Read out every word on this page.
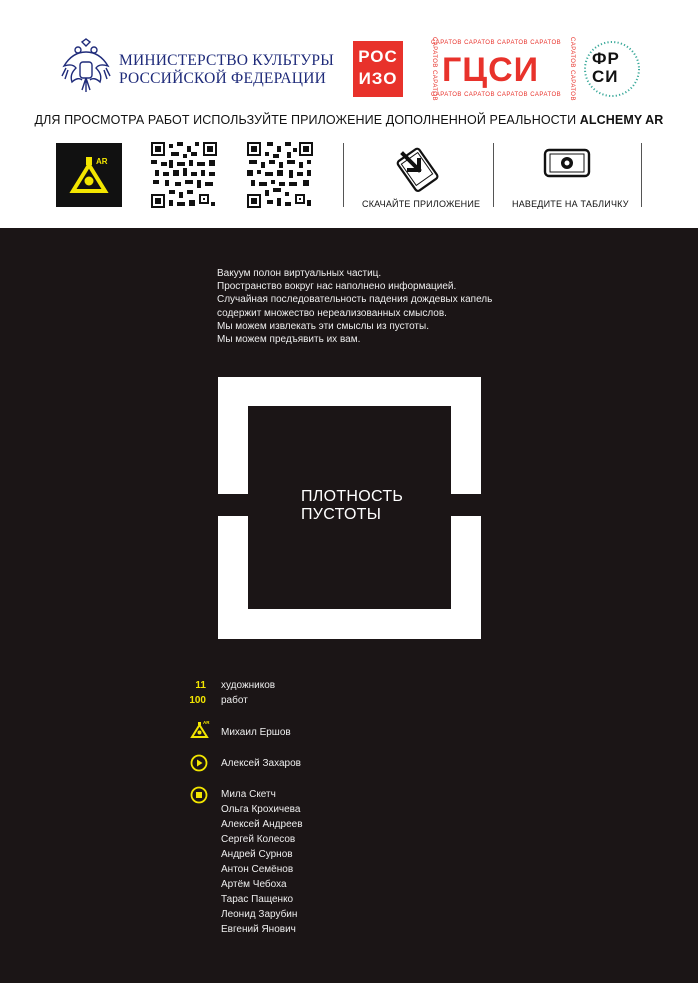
МИНИСТЕРСТВО КУЛЬТУРЫ
РОССИЙСКОЙ ФЕДЕРАЦИИ
РОС
ИЗО
САРАТОВ САРАТОВ САРАТОВ САРАТОВ
САРАТОВ САРАТОВ САРАТОВ САРАТОВ
САРАТОВ САРАТОВ	САРАТОВ САРАТОВ
ГЦСИ	ФР
СИ
ДЛЯ ПРОСМОТРА РАБОТ ИСПОЛЬЗУЙТЕ ПРИЛОЖЕНИЕ ДОПОЛНЕННОЙ РЕАЛЬНОСТИ ALCHEMY AR
AR
СКАЧАЙТЕ ПРИЛОЖЕНИЕ	НАВЕДИТЕ НА ТАБЛИЧКУ
Вакуум полон виртуальных частиц.
Пространство вокруг нас наполнено информацией.
Случайная последовательность падения дождевых капель
содержит множество нереализованных смыслов.
Мы можем извлекать эти смыслы из пустоты.
Мы можем предъявить их вам.
ПЛОТНОСТЬ
ПУСТОТЫ
11 художников
100 работ
AR
Михаил Ершов
Алексей Захаров
Мила Скетч
Ольга Крохичева
Алексей Андреев
Сергей Колесов
Андрей Сурнов
Антон Семёнов
Артём Чебоха
Тарас Пащенко
Леонид Зарубин
Евгений Янович
